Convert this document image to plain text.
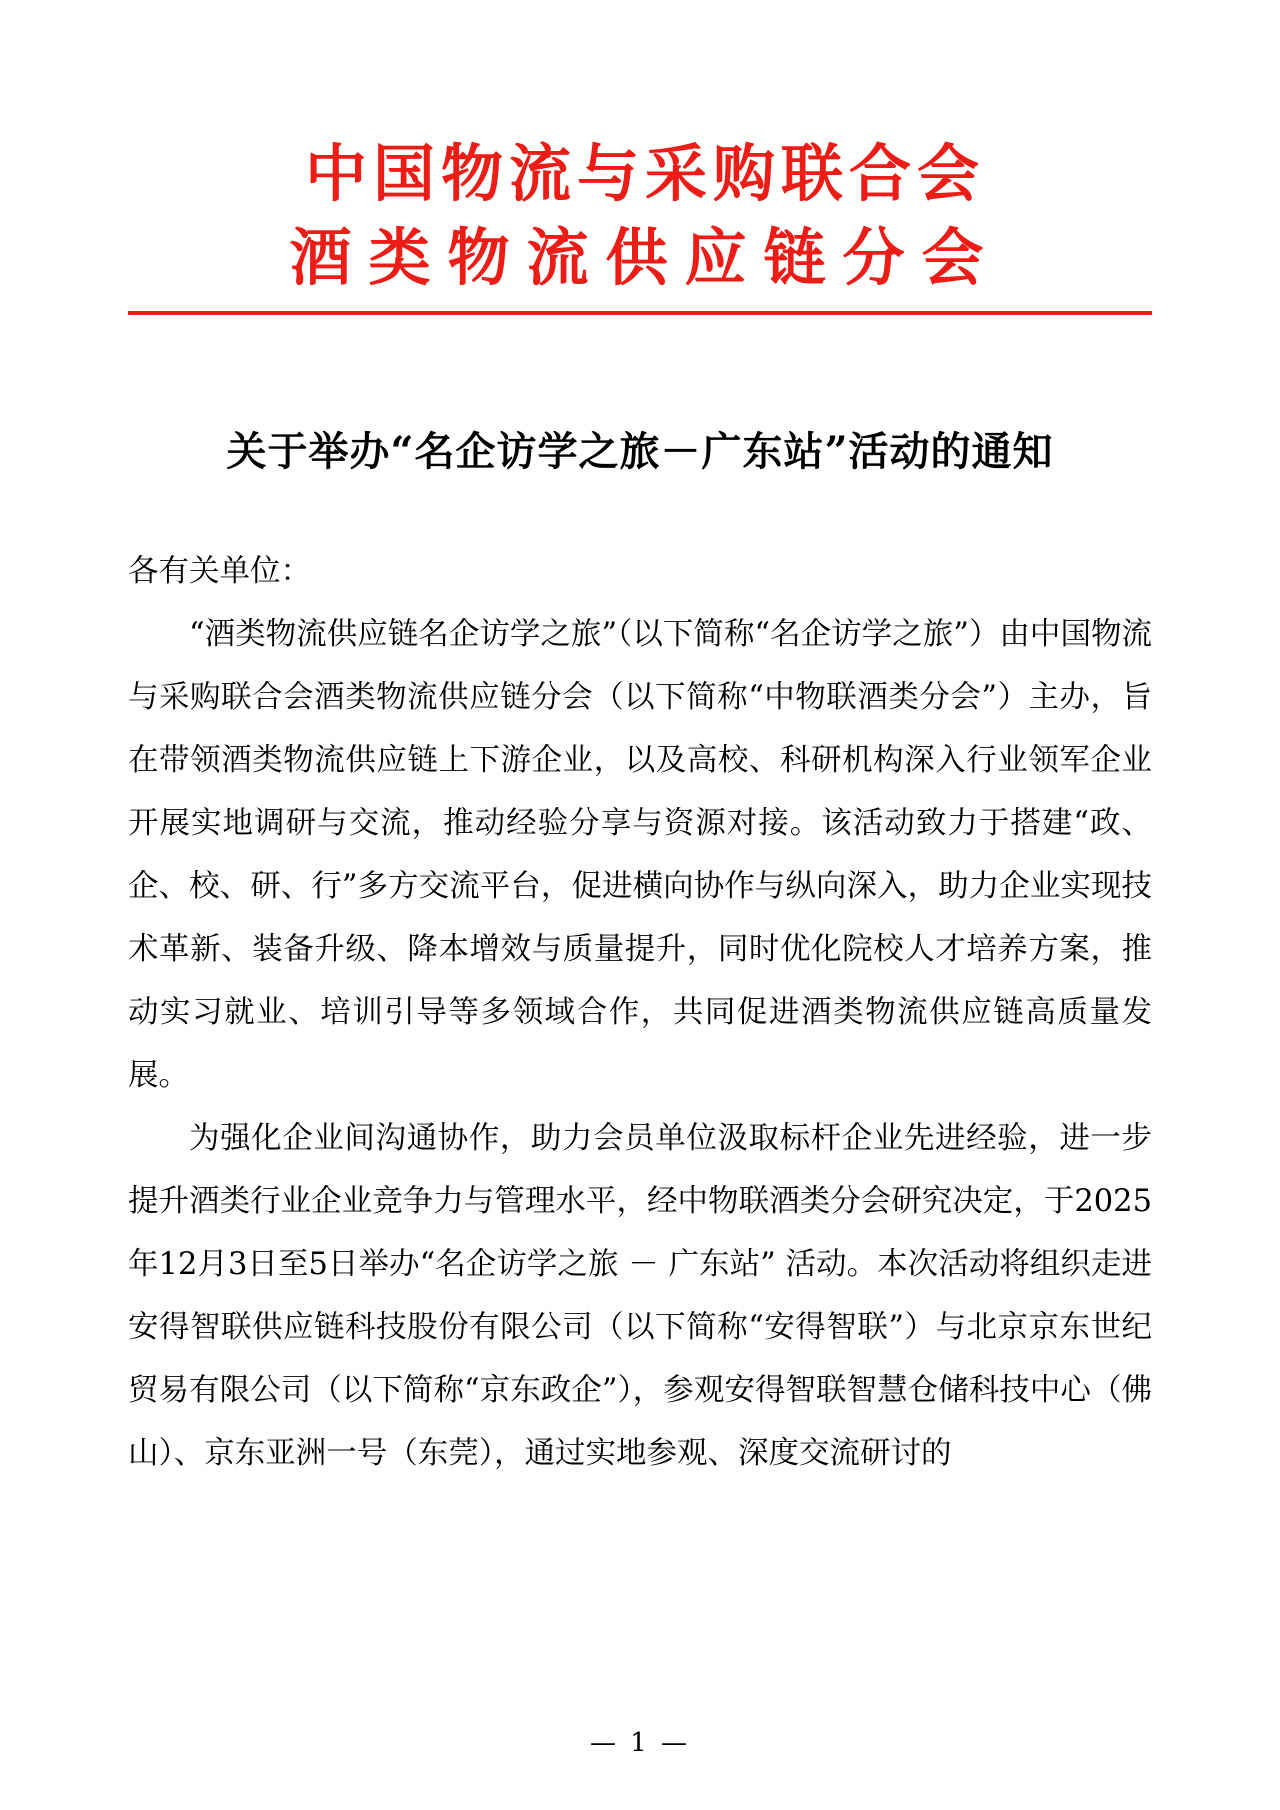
中国物流与采购联合会
酒类物流供应链分会
关于举办“名企访学之旅－广东站”活动的通知

各有关单位：

“酒类物流供应链名企访学之旅”（以下简称“名企访学之旅”）由中国物流与采购联合会酒类物流供应链分会（以下简称“中物联酒类分会”）主办，旨在带领酒类物流供应链上下游企业，以及高校、科研机构深入行业领军企业开展实地调研与交流，推动经验分享与资源对接。该活动致力于搭建“政、企、校、研、行”多方交流平台，促进横向协作与纵向深入，助力企业实现技术革新、装备升级、降本增效与质量提升，同时优化院校人才培养方案，推动实习就业、培训引导等多领域合作，共同促进酒类物流供应链高质量发展。

为强化企业间沟通协作，助力会员单位汲取标杆企业先进经验，进一步提升酒类行业企业竞争力与管理水平，经中物联酒类分会研究决定，于2025年12月3日至5日举办“名企访学之旅 － 广东站” 活动。本次活动将组织走进安得智联供应链科技股份有限公司（以下简称“安得智联”）与北京京东世纪贸易有限公司（以下简称“京东政企”），参观安得智联智慧仓储科技中心（佛山）、京东亚洲一号（东莞），通过实地参观、深度交流研讨的

— 1 —
